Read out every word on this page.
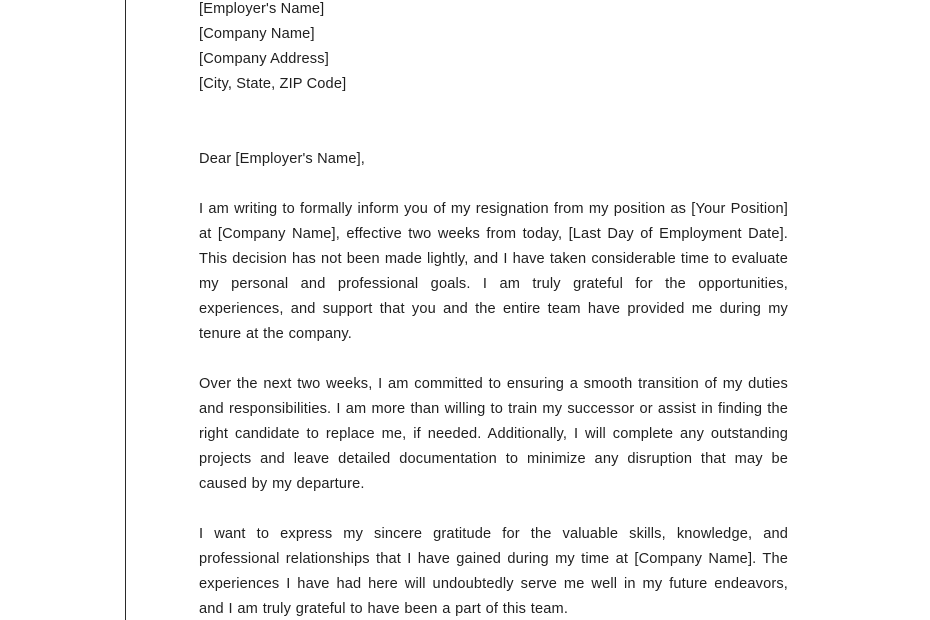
[Employer's Name]
[Company Name]
[Company Address]
[City, State, ZIP Code]
Dear [Employer's Name],

I am writing to formally inform you of my resignation from my position as [Your Position] at [Company Name], effective two weeks from today, [Last Day of Employment Date]. This decision has not been made lightly, and I have taken considerable time to evaluate my personal and professional goals. I am truly grateful for the opportunities, experiences, and support that you and the entire team have provided me during my tenure at the company.

Over the next two weeks, I am committed to ensuring a smooth transition of my duties and responsibilities. I am more than willing to train my successor or assist in finding the right candidate to replace me, if needed. Additionally, I will complete any outstanding projects and leave detailed documentation to minimize any disruption that may be caused by my departure.

I want to express my sincere gratitude for the valuable skills, knowledge, and professional relationships that I have gained during my time at [Company Name]. The experiences I have had here will undoubtedly serve me well in my future endeavors, and I am truly grateful to have been a part of this team.
